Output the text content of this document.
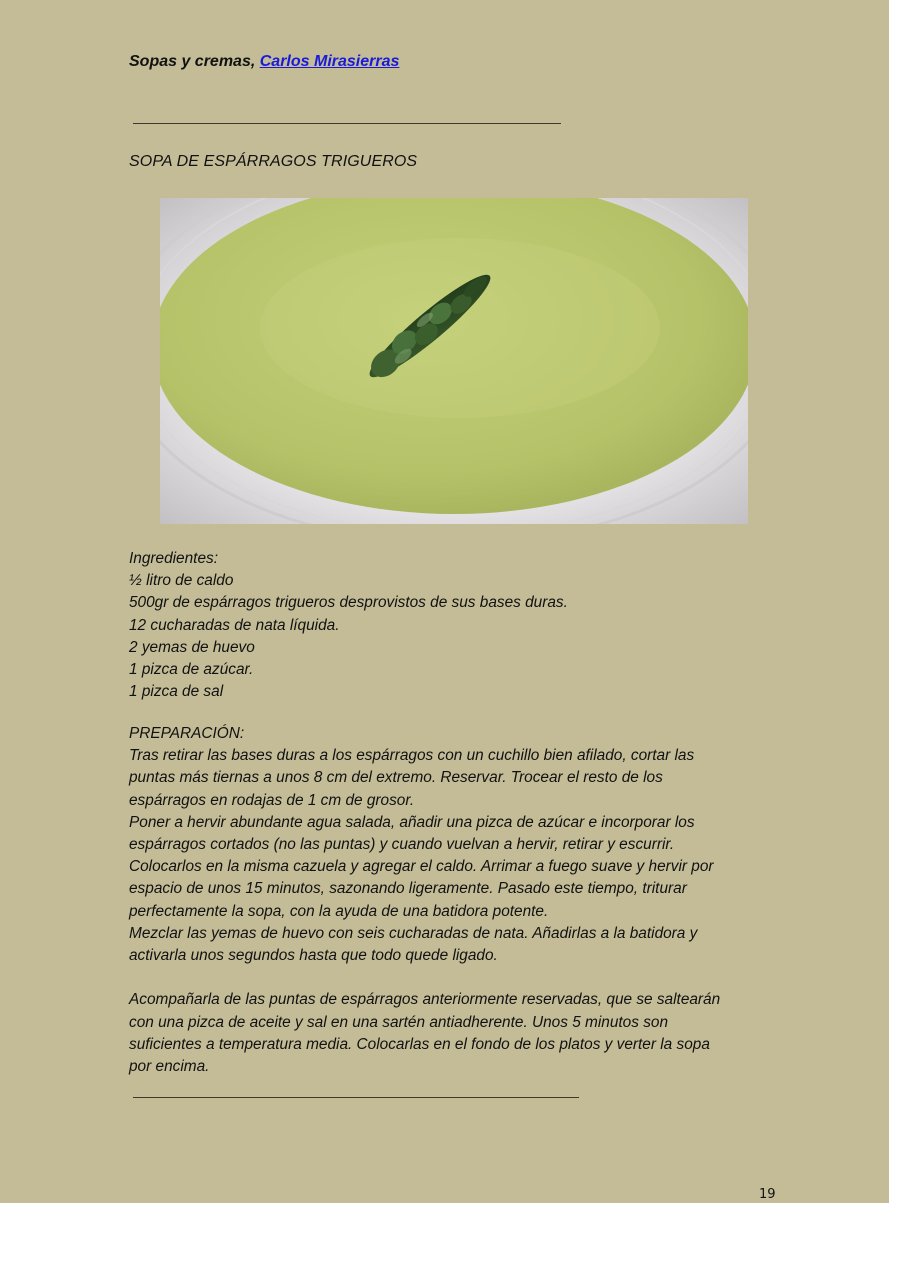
Sopas y cremas, Carlos Mirasierras
SOPA DE ESPÁRRAGOS TRIGUEROS
Ingredientes:
½ litro de caldo
500gr de espárragos trigueros desprovistos de sus bases duras.
12 cucharadas de nata líquida.
2 yemas de huevo
1 pizca de azúcar.
1 pizca de sal
PREPARACIÓN:
Tras retirar las bases duras a los espárragos con un cuchillo bien afilado, cortar las
puntas más tiernas a unos 8 cm del extremo. Reservar. Trocear el resto de los
espárragos en rodajas de 1 cm de grosor.
Poner a hervir abundante agua salada, añadir una pizca de azúcar e incorporar los
espárragos cortados (no las puntas) y cuando vuelvan a hervir, retirar y escurrir.
Colocarlos en la misma cazuela y agregar el caldo. Arrimar a fuego suave y hervir por
espacio de unos 15 minutos, sazonando ligeramente. Pasado este tiempo, triturar
perfectamente la sopa, con la ayuda de una batidora potente.
Mezclar las yemas de huevo con seis cucharadas de nata. Añadirlas a la batidora y
activarla unos segundos hasta que todo quede ligado.
Acompañarla de las puntas de espárragos anteriormente reservadas, que se saltearán
con una pizca de aceite y sal en una sartén antiadherente. Unos 5 minutos son
suficientes a temperatura media. Colocarlas en el fondo de los platos y verter la sopa
por encima.
19
